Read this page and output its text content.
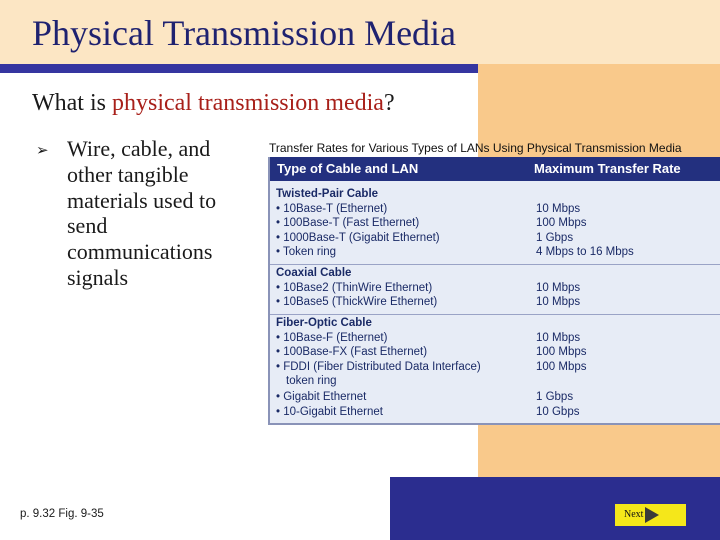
Physical Transmission Media

What is physical transmission media?

➢ Wire, cable, and other tangible materials used to send communications signals

Transfer Rates for Various Types of LANs Using Physical Transmission Media
Type of Cable and LAN	Maximum Transfer Rate
Twisted-Pair Cable
• 10Base-T (Ethernet)	10 Mbps
• 100Base-T (Fast Ethernet)	100 Mbps
• 1000Base-T (Gigabit Ethernet)	1 Gbps
• Token ring	4 Mbps to 16 Mbps
Coaxial Cable
• 10Base2 (ThinWire Ethernet)	10 Mbps
• 10Base5 (ThickWire Ethernet)	10 Mbps
Fiber-Optic Cable
• 10Base-F (Ethernet)	10 Mbps
• 100Base-FX (Fast Ethernet)	100 Mbps
• FDDI (Fiber Distributed Data Interface)	100 Mbps
token ring
• Gigabit Ethernet	1 Gbps
• 10-Gigabit Ethernet	10 Gbps
p. 9.32 Fig. 9-35	Next
